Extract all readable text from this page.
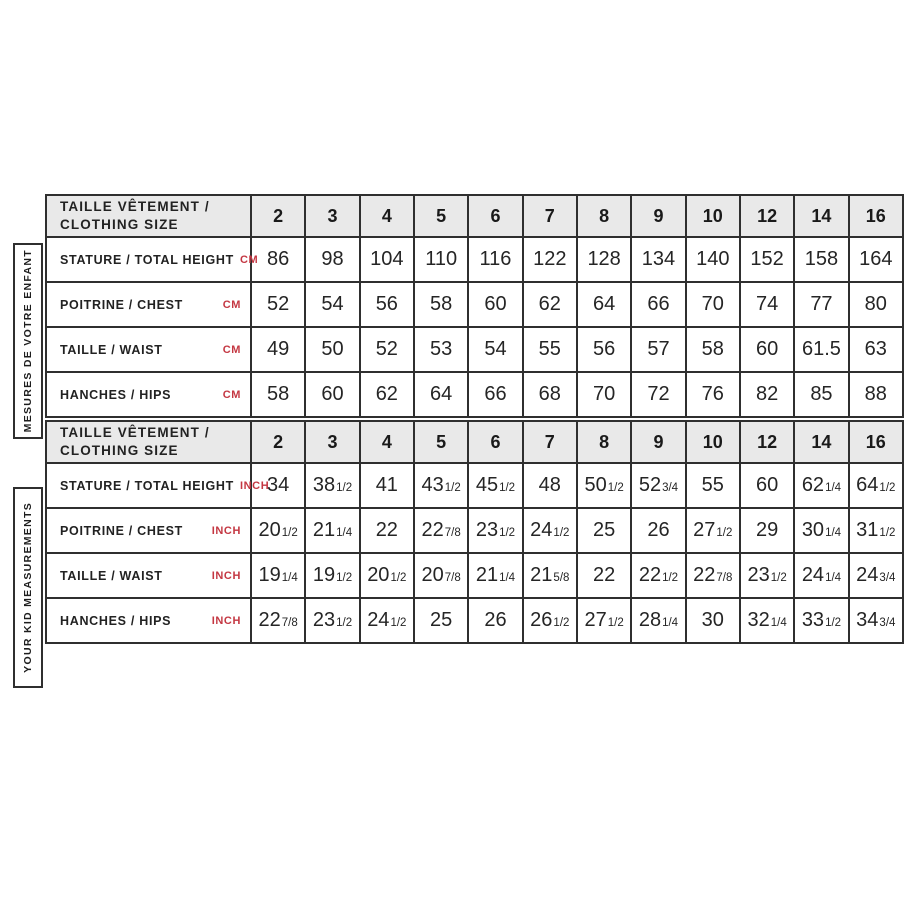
MESURES DE VOTRE ENFANT
YOUR KID MEASUREMENTS
TAILLE VÊTEMENT /
CLOTHING SIZE	2	3	4	5	6	7	8	9	10	12	14	16

STATURE / TOTAL HEIGHT CM	86	98	104	110	116	122	128	134	140	152	158	164

POITRINE / CHEST CM	52	54	56	58	60	62	64	66	70	74	77	80

TAILLE / WAIST CM	49	50	52	53	54	55	56	57	58	60	61.5	63

HANCHES / HIPS CM	58	60	62	64	66	68	70	72	76	82	85	88
TAILLE VÊTEMENT /
CLOTHING SIZE	2	3	4	5	6	7	8	9	10	12	14	16

STATURE / TOTAL HEIGHT INCH	34	381/2	41	431/2	451/2	48	501/2	523/4	55	60	621/4	641/2

POITRINE / CHEST INCH	201/2	211/4	22	227/8	231/2	241/2	25	26	271/2	29	301/4	311/2

TAILLE / WAIST INCH	191/4	191/2	201/2	207/8	211/4	215/8	22	221/2	227/8	231/2	241/4	243/4

HANCHES / HIPS INCH	227/8	231/2	241/2	25	26	261/2	271/2	281/4	30	321/4	331/2	343/4
